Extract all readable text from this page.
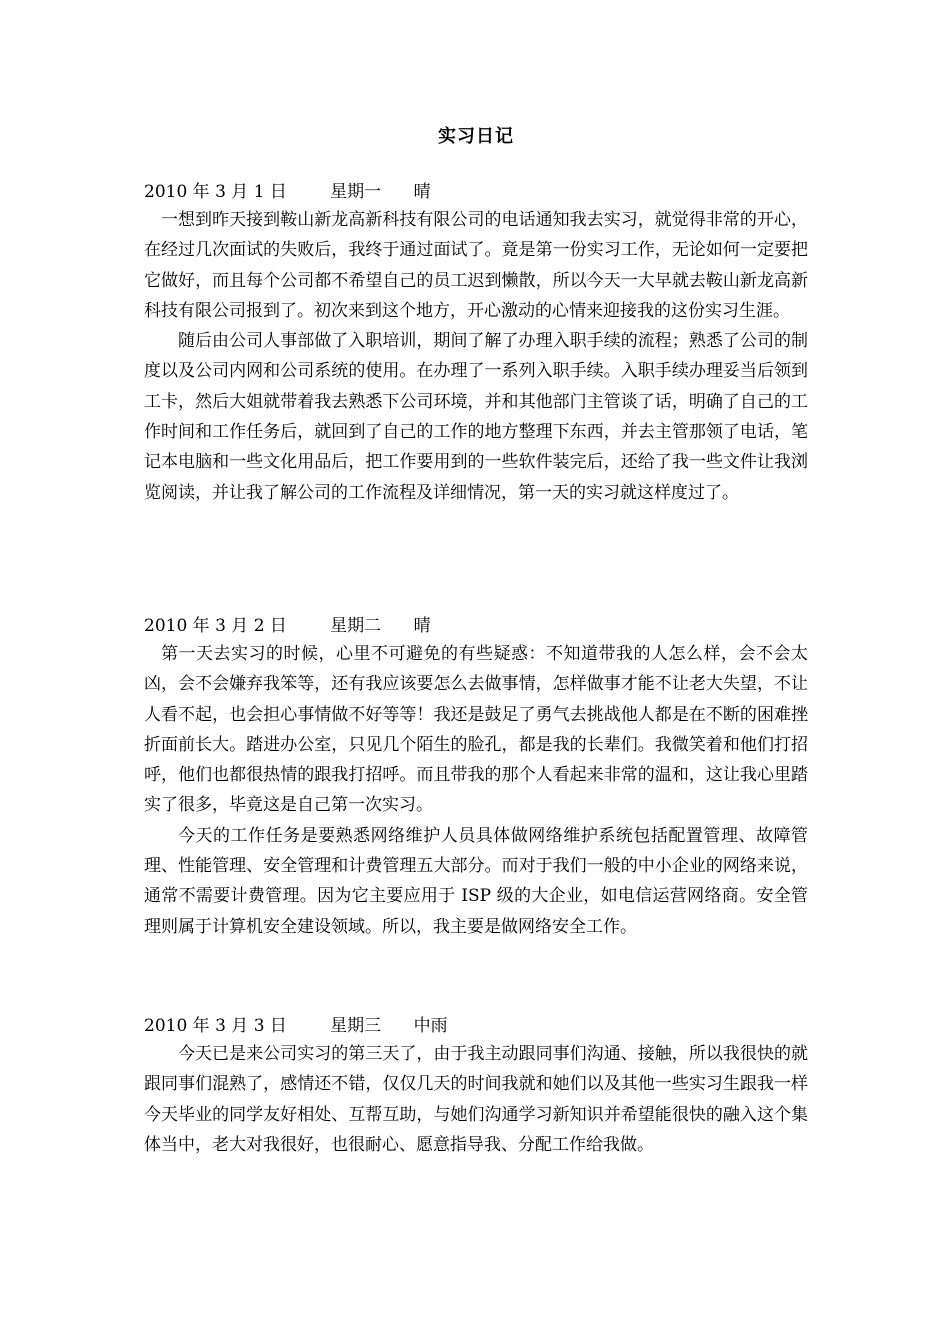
实习日记
2010 年 3 月 1 日        星期一      晴

一想到昨天接到鞍山新龙高新科技有限公司的电话通知我去实习，就觉得非常的开心，在经过几次面试的失败后，我终于通过面试了。竟是第一份实习工作，无论如何一定要把它做好，而且每个公司都不希望自己的员工迟到懒散，所以今天一大早就去鞍山新龙高新科技有限公司报到了。初次来到这个地方，开心激动的心情来迎接我的这份实习生涯。

随后由公司人事部做了入职培训，期间了解了办理入职手续的流程；熟悉了公司的制度以及公司内网和公司系统的使用。在办理了一系列入职手续。入职手续办理妥当后领到工卡，然后大姐就带着我去熟悉下公司环境，并和其他部门主管谈了话，明确了自己的工作时间和工作任务后，就回到了自己的工作的地方整理下东西，并去主管那领了电话，笔记本电脑和一些文化用品后，把工作要用到的一些软件装完后，还给了我一些文件让我浏览阅读，并让我了解公司的工作流程及详细情况，第一天的实习就这样度过了。

2010 年 3 月 2 日        星期二      晴

第一天去实习的时候，心里不可避免的有些疑惑：不知道带我的人怎么样，会不会太凶，会不会嫌弃我笨等，还有我应该要怎么去做事情，怎样做事才能不让老大失望，不让人看不起，也会担心事情做不好等等！我还是鼓足了勇气去挑战他人都是在不断的困难挫折面前长大。踏进办公室，只见几个陌生的脸孔，都是我的长辈们。我微笑着和他们打招呼，他们也都很热情的跟我打招呼。而且带我的那个人看起来非常的温和，这让我心里踏实了很多，毕竟这是自己第一次实习。

今天的工作任务是要熟悉网络维护人员具体做网络维护系统包括配置管理、故障管理、性能管理、安全管理和计费管理五大部分。而对于我们一般的中小企业的网络来说，通常不需要计费管理。因为它主要应用于 ISP 级的大企业，如电信运营网络商。安全管理则属于计算机安全建设领域。所以，我主要是做网络安全工作。

2010 年 3 月 3 日        星期三      中雨

今天已是来公司实习的第三天了，由于我主动跟同事们沟通、接触，所以我很快的就跟同事们混熟了，感情还不错，仅仅几天的时间我就和她们以及其他一些实习生跟我一样今天毕业的同学友好相处、互帮互助，与她们沟通学习新知识并希望能很快的融入这个集体当中，老大对我很好，也很耐心、愿意指导我、分配工作给我做。
